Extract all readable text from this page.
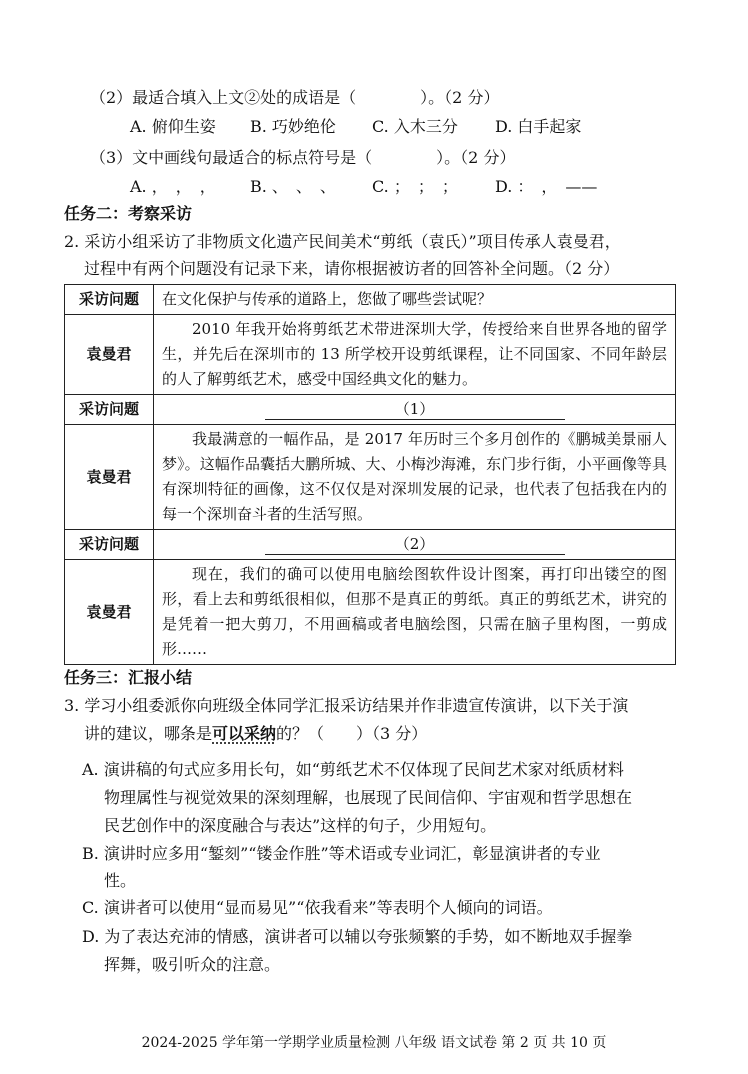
（2）最适合填入上文②处的成语是（　　　　）。（2 分）
A. 俯仰生姿 B. 巧妙绝伦 C. 入木三分 D. 白手起家
（3）文中画线句最适合的标点符号是（　　　　）。（2 分）
A. ，　，　， B. 、　、　、 C. ；　；　； D. ：　，　——
任务二：考察采访
2. 采访小组采访了非物质文化遗产民间美术“剪纸（袁氏）”项目传承人袁曼君，
过程中有两个问题没有记录下来，请你根据被访者的回答补全问题。（2 分）
采访问题	在文化保护与传承的道路上，您做了哪些尝试呢？
袁曼君	2010 年我开始将剪纸艺术带进深圳大学，传授给来自世界各地的留学生，并先后在深圳市的 13 所学校开设剪纸课程，让不同国家、不同年龄层的人了解剪纸艺术，感受中国经典文化的魅力。

采访问题	（1）
袁曼君	我最满意的一幅作品，是 2017 年历时三个多月创作的《鹏城美景丽人梦》。这幅作品囊括大鹏所城、大、小梅沙海滩，东门步行街，小平画像等具有深圳特征的画像，这不仅仅是对深圳发展的记录，也代表了包括我在内的每一个深圳奋斗者的生活写照。

采访问题	（2）
袁曼君	现在，我们的确可以使用电脑绘图软件设计图案，再打印出镂空的图形，看上去和剪纸很相似，但那不是真正的剪纸。真正的剪纸艺术，讲究的是凭着一把大剪刀，不用画稿或者电脑绘图，只需在脑子里构图，一剪成形……

任务三：汇报小结
3. 学习小组委派你向班级全体同学汇报采访结果并作非遗宣传演讲，以下关于演
讲的建议，哪条是可以采纳的？（　　）（3 分）
A. 演讲稿的句式应多用长句，如“剪纸艺术不仅体现了民间艺术家对纸质材料
物理属性与视觉效果的深刻理解，也展现了民间信仰、宇宙观和哲学思想在
民艺创作中的深度融合与表达”这样的句子，少用短句。
B. 演讲时应多用“錾刻”“镂金作胜”等术语或专业词汇，彰显演讲者的专业
性。
C. 演讲者可以使用“显而易见”“依我看来”等表明个人倾向的词语。
D. 为了表达充沛的情感，演讲者可以辅以夸张频繁的手势，如不断地双手握拳
挥舞，吸引听众的注意。
2024-2025 学年第一学期学业质量检测 八年级 语文试卷 第 2 页 共 10 页
